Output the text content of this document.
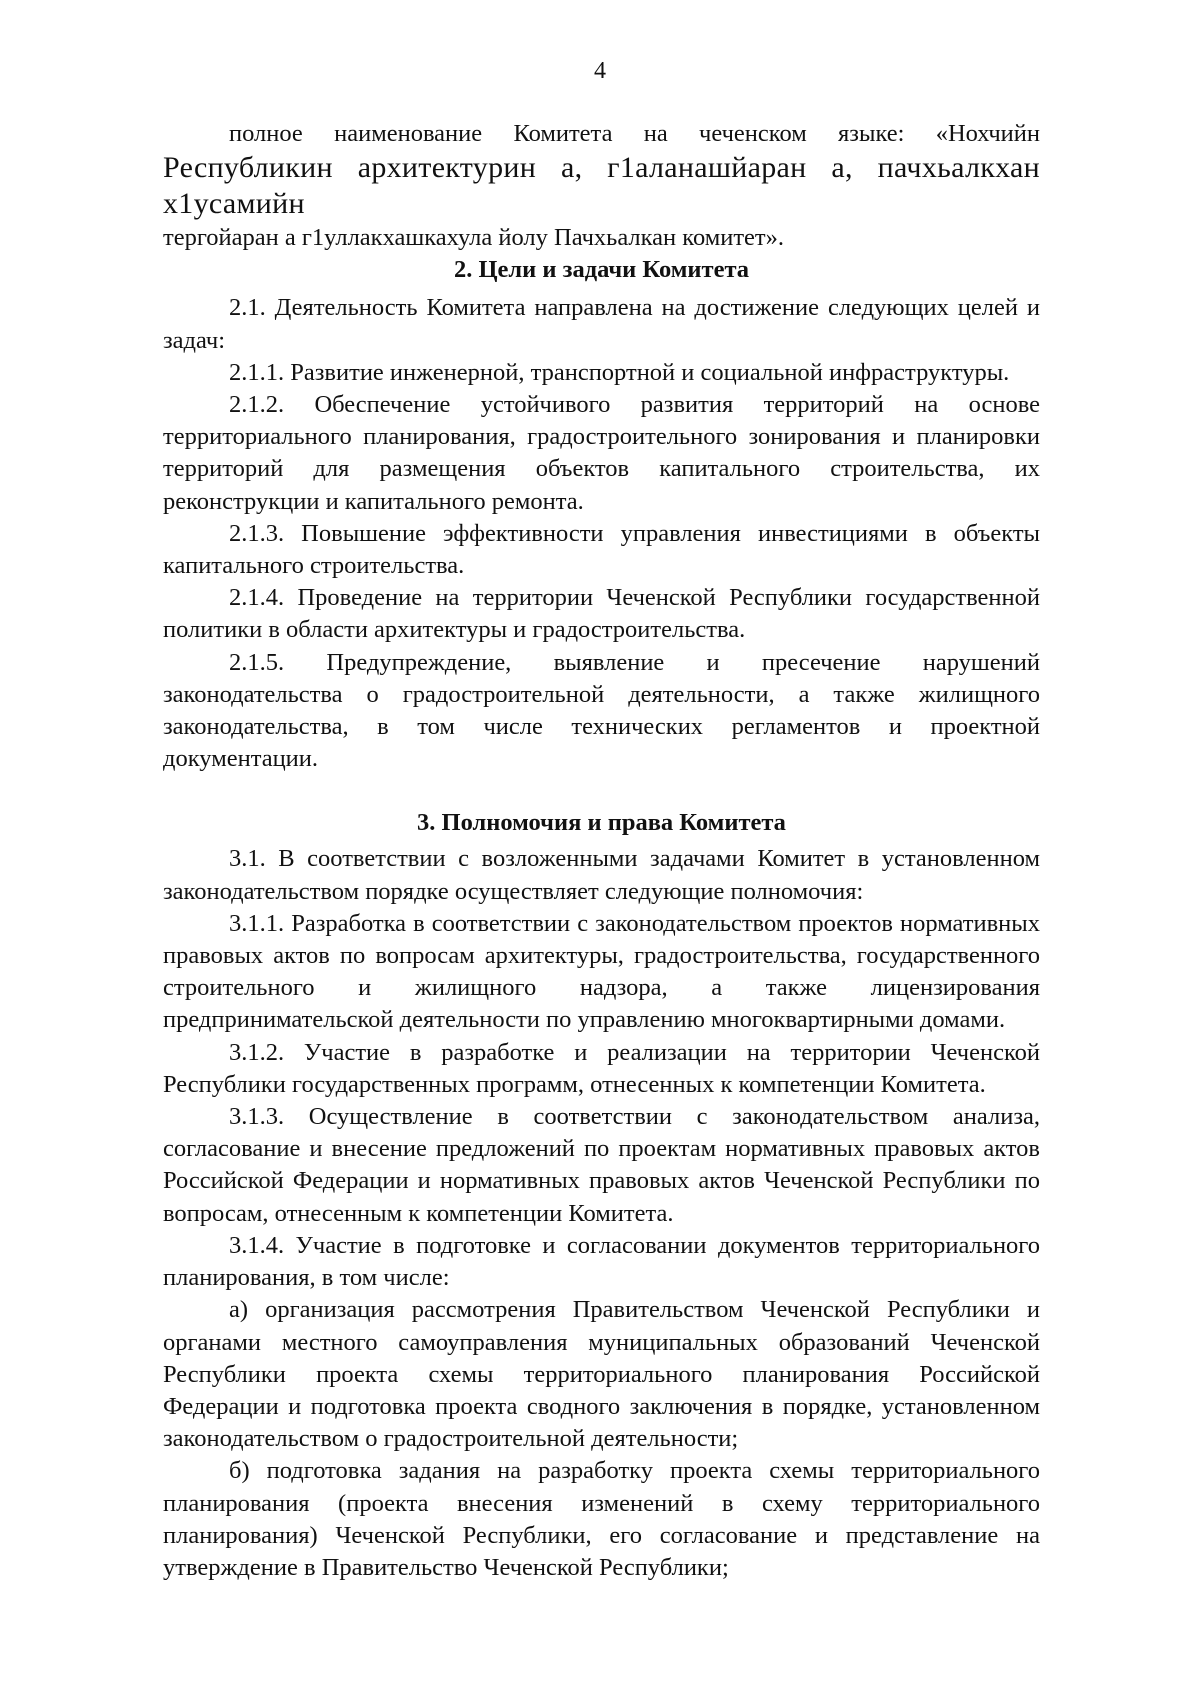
4

полное наименование Комитета на чеченском языке: «Нохчийн

Республикин архитектурин а, г1аланашйаран а, пачхьалкхан х1усамийн

тергойаран а г1уллакхашкахула йолу Пачхьалкан комитет».

2. Цели и задачи Комитета

2.1. Деятельность Комитета направлена на достижение следующих целей и задач:

2.1.1. Развитие инженерной, транспортной и социальной инфраструктуры.

2.1.2. Обеспечение устойчивого развития территорий на основе территориального планирования, градостроительного зонирования и планировки территорий для размещения объектов капитального строительства, их реконструкции и капитального ремонта.

2.1.3. Повышение эффективности управления инвестициями в объекты капитального строительства.

2.1.4. Проведение на территории Чеченской Республики государственной политики в области архитектуры и градостроительства.

2.1.5. Предупреждение, выявление и пресечение нарушений законодательства о градостроительной деятельности, а также жилищного законодательства, в том числе технических регламентов и проектной документации.

3. Полномочия и права Комитета

3.1. В соответствии с возложенными задачами Комитет в установленном законодательством порядке осуществляет следующие полномочия:

3.1.1. Разработка в соответствии с законодательством проектов нормативных правовых актов по вопросам архитектуры, градостроительства, государственного строительного и жилищного надзора, а также лицензирования предпринимательской деятельности по управлению многоквартирными домами.

3.1.2. Участие в разработке и реализации на территории Чеченской Республики государственных программ, отнесенных к компетенции Комитета.

3.1.3. Осуществление в соответствии с законодательством анализа, согласование и внесение предложений по проектам нормативных правовых актов Российской Федерации и нормативных правовых актов Чеченской Республики по вопросам, отнесенным к компетенции Комитета.

3.1.4. Участие в подготовке и согласовании документов территориального планирования, в том числе:

а) организация рассмотрения Правительством Чеченской Республики и органами местного самоуправления муниципальных образований Чеченской Республики проекта схемы территориального планирования Российской Федерации и подготовка проекта сводного заключения в порядке, установленном законодательством о градостроительной деятельности;

б) подготовка задания на разработку проекта схемы территориального планирования (проекта внесения изменений в схему территориального планирования) Чеченской Республики, его согласование и представление на утверждение в Правительство Чеченской Республики;
